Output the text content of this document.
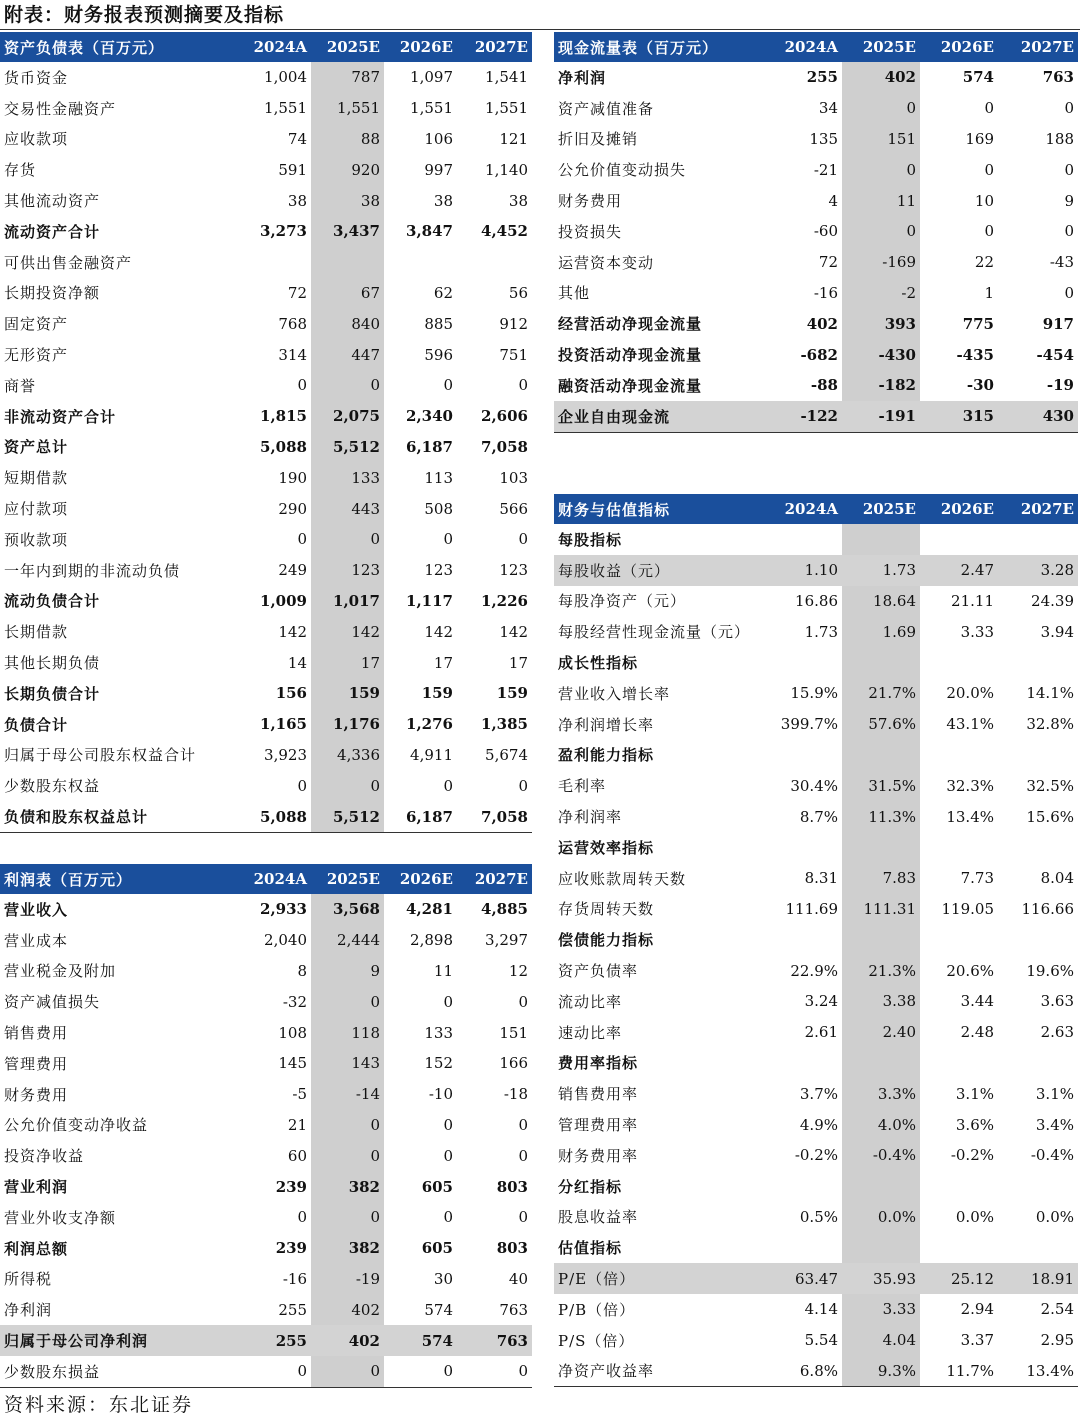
附表：财务报表预测摘要及指标
资产负债表（百万元）	2024A	2025E	2026E	2027E
货币资金	1,004	787	1,097	1,541
交易性金融资产	1,551	1,551	1,551	1,551
应收款项	74	88	106	121
存货	591	920	997	1,140
其他流动资产	38	38	38	38
流动资产合计	3,273	3,437	3,847	4,452
可供出售金融资产				
长期投资净额	72	67	62	56
固定资产	768	840	885	912
无形资产	314	447	596	751
商誉	0	0	0	0
非流动资产合计	1,815	2,075	2,340	2,606
资产总计	5,088	5,512	6,187	7,058
短期借款	190	133	113	103
应付款项	290	443	508	566
预收款项	0	0	0	0
一年内到期的非流动负债	249	123	123	123
流动负债合计	1,009	1,017	1,117	1,226
长期借款	142	142	142	142
其他长期负债	14	17	17	17
长期负债合计	156	159	159	159
负债合计	1,165	1,176	1,276	1,385
归属于母公司股东权益合计	3,923	4,336	4,911	5,674
少数股东权益	0	0	0	0
负债和股东权益总计	5,088	5,512	6,187	7,058
利润表（百万元）	2024A	2025E	2026E	2027E
营业收入	2,933	3,568	4,281	4,885
营业成本	2,040	2,444	2,898	3,297
营业税金及附加	8	9	11	12
资产减值损失	-32	0	0	0
销售费用	108	118	133	151
管理费用	145	143	152	166
财务费用	-5	-14	-10	-18
公允价值变动净收益	21	0	0	0
投资净收益	60	0	0	0
营业利润	239	382	605	803
营业外收支净额	0	0	0	0
利润总额	239	382	605	803
所得税	-16	-19	30	40
净利润	255	402	574	763
归属于母公司净利润	255	402	574	763
少数股东损益	0	0	0	0
现金流量表（百万元）	2024A	2025E	2026E	2027E
净利润	255	402	574	763
资产减值准备	34	0	0	0
折旧及摊销	135	151	169	188
公允价值变动损失	-21	0	0	0
财务费用	4	11	10	9
投资损失	-60	0	0	0
运营资本变动	72	-169	22	-43
其他	-16	-2	1	0
经营活动净现金流量	402	393	775	917
投资活动净现金流量	-682	-430	-435	-454
融资活动净现金流量	-88	-182	-30	-19
企业自由现金流	-122	-191	315	430
财务与估值指标	2024A	2025E	2026E	2027E
每股指标				
每股收益（元）	1.10	1.73	2.47	3.28
每股净资产（元）	16.86	18.64	21.11	24.39
每股经营性现金流量（元）	1.73	1.69	3.33	3.94
成长性指标				
营业收入增长率	15.9%	21.7%	20.0%	14.1%
净利润增长率	399.7%	57.6%	43.1%	32.8%
盈利能力指标				
毛利率	30.4%	31.5%	32.3%	32.5%
净利润率	8.7%	11.3%	13.4%	15.6%
运营效率指标				
应收账款周转天数	8.31	7.83	7.73	8.04
存货周转天数	111.69	111.31	119.05	116.66
偿债能力指标				
资产负债率	22.9%	21.3%	20.6%	19.6%
流动比率	3.24	3.38	3.44	3.63
速动比率	2.61	2.40	2.48	2.63
费用率指标				
销售费用率	3.7%	3.3%	3.1%	3.1%
管理费用率	4.9%	4.0%	3.6%	3.4%
财务费用率	-0.2%	-0.4%	-0.2%	-0.4%
分红指标				
股息收益率	0.5%	0.0%	0.0%	0.0%
估值指标				
P/E（倍）	63.47	35.93	25.12	18.91
P/B（倍）	4.14	3.33	2.94	2.54
P/S（倍）	5.54	4.04	3.37	2.95
净资产收益率	6.8%	9.3%	11.7%	13.4%
资料来源：东北证券
